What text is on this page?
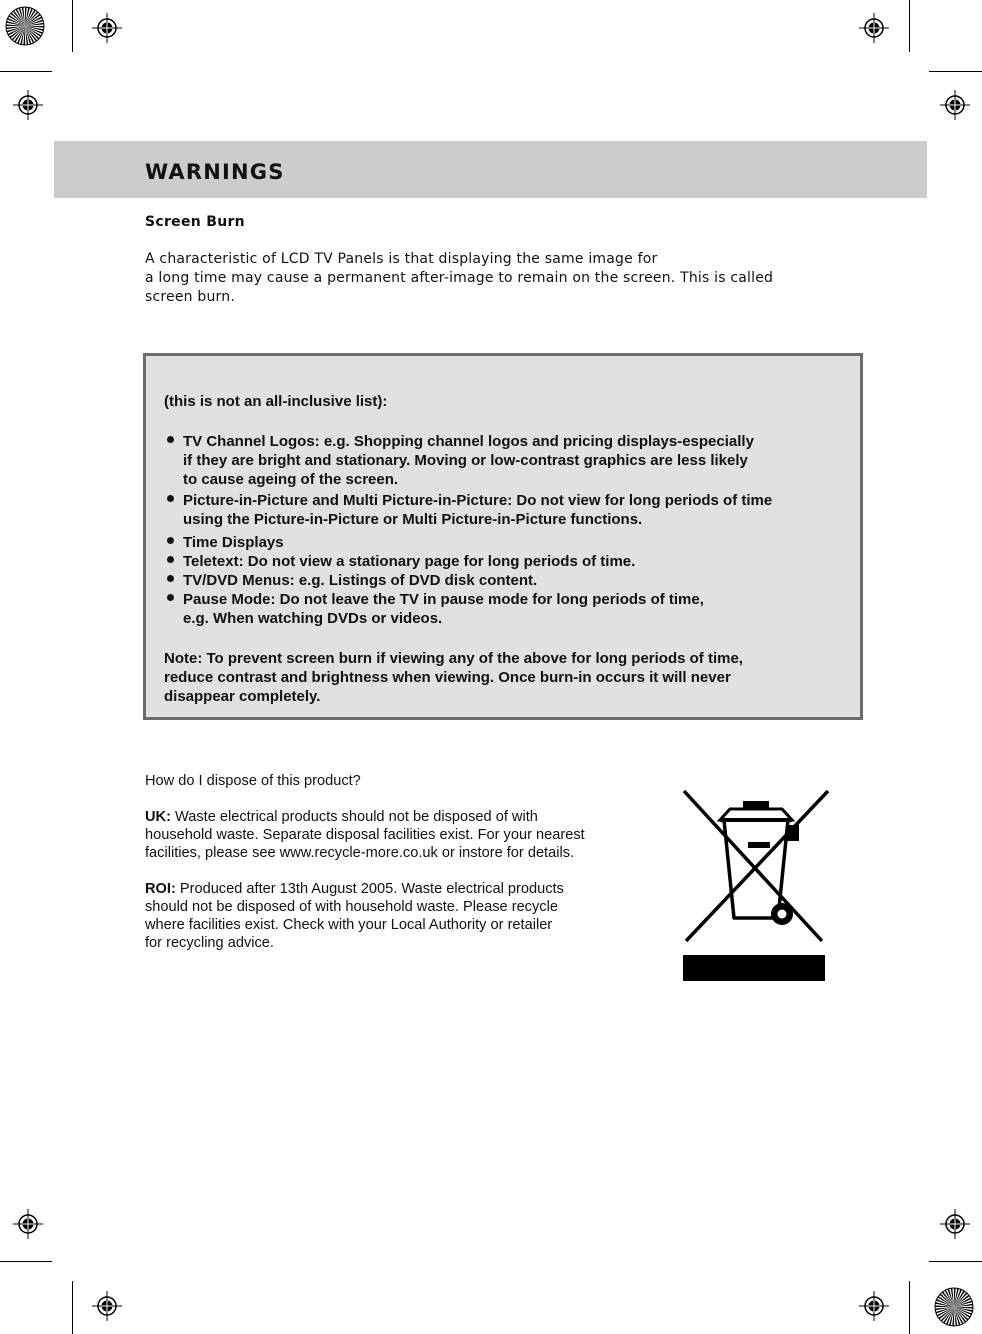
WARNINGS
Screen Burn

A characteristic of LCD TV Panels is that displaying the same image for
a long time may cause a permanent after-image to remain on the screen. This is called
screen burn.

(this is not an all-inclusive list):
TV Channel Logos: e.g. Shopping channel logos and pricing displays-especially
if they are bright and stationary. Moving or low-contrast graphics are less likely
to cause ageing of the screen.
Picture-in-Picture and Multi Picture-in-Picture: Do not view for long periods of time
using the Picture-in-Picture or Multi Picture-in-Picture functions.
Time Displays
Teletext: Do not view a stationary page for long periods of time.
TV/DVD Menus: e.g. Listings of DVD disk content.
Pause Mode: Do not leave the TV in pause mode for long periods of time,
e.g. When watching DVDs or videos.
Note: To prevent screen burn if viewing any of the above for long periods of time,
reduce contrast and brightness when viewing. Once burn-in occurs it will never
disappear completely.
How do I dispose of this product?
UK: Waste electrical products should not be disposed of with
household waste. Separate disposal facilities exist. For your nearest
facilities, please see www.recycle-more.co.uk or instore for details.
ROI: Produced after 13th August 2005. Waste electrical products
should not be disposed of with household waste. Please recycle
where facilities exist. Check with your Local Authority or retailer
for recycling advice.
